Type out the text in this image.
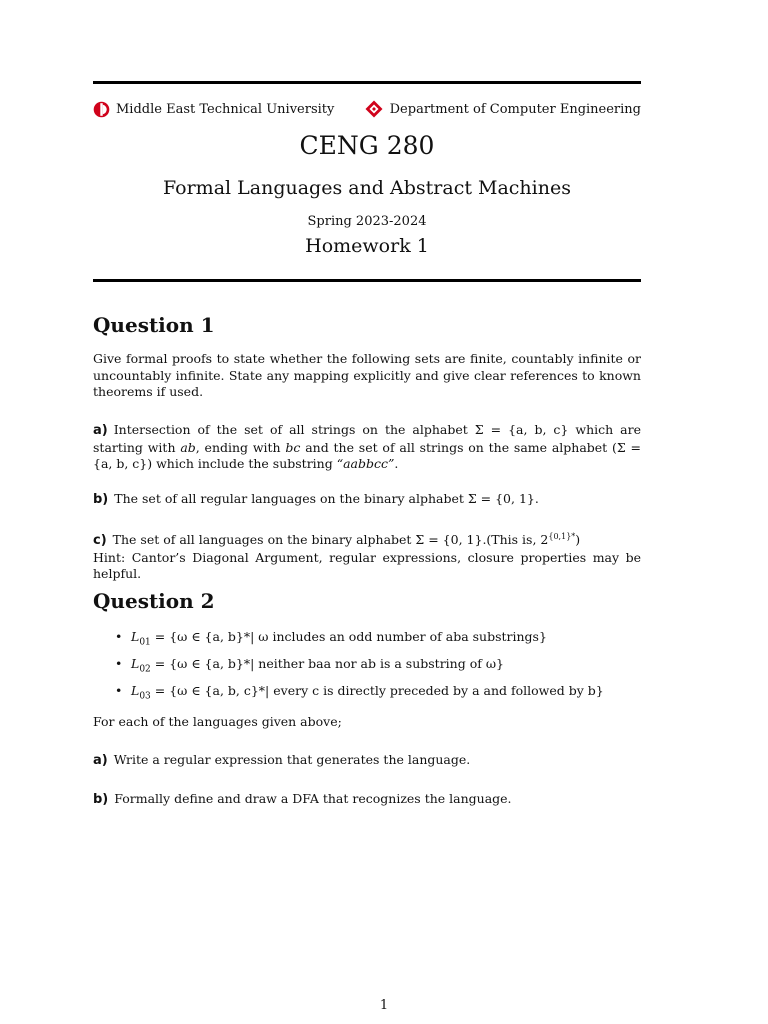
Middle East Technical University	Department of Computer Engineering
CENG 280
Formal Languages and Abstract Machines
Spring 2023-2024
Homework 1
Question 1
Give formal proofs to state whether the following sets are finite, countably infinite or uncountably infinite. State any mapping explicitly and give clear references to known theorems if used.
a) Intersection of the set of all strings on the alphabet Σ = {a, b, c} which are starting with ab, ending with bc and the set of all strings on the same alphabet (Σ = {a, b, c}) which include the substring “aabbcc”.
b) The set of all regular languages on the binary alphabet Σ = {0, 1}.
c) The set of all languages on the binary alphabet Σ = {0, 1}.(This is, $2^{\{0,1\}*}$)
Hint: Cantor’s Diagonal Argument, regular expressions, closure properties may be helpful.
Question 2
• $L_{01} = \{\omega$ ∈ {a, b}*| ω includes an odd number of aba substrings}
• $L_{02} = \{\omega$ ∈ {a, b}*| neither baa nor ab is a substring of ω}
• $L_{03} = \{\omega$ ∈ {a, b, c}*| every c is directly preceded by a and followed by b}
For each of the languages given above;
a) Write a regular expression that generates the language.
b) Formally define and draw a DFA that recognizes the language.
1
